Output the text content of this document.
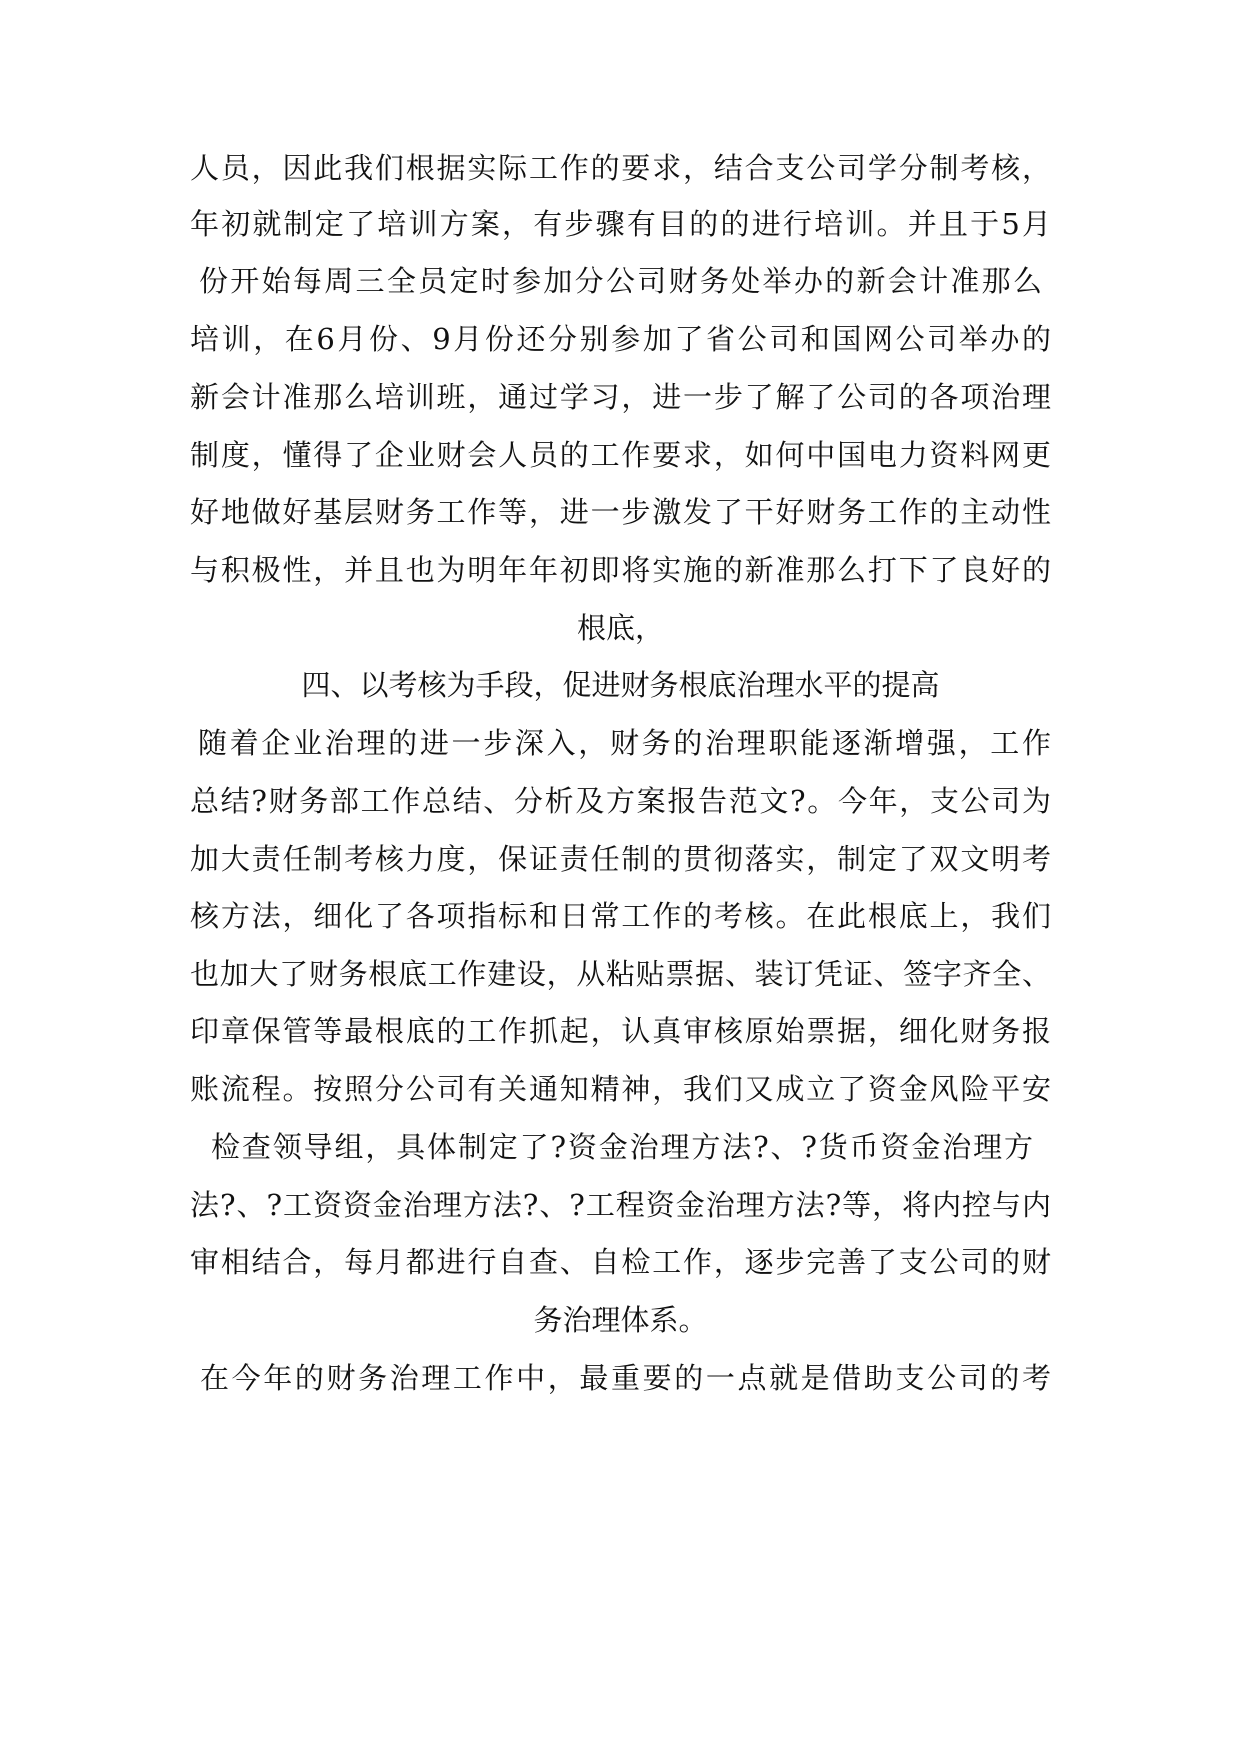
人员，因此我们根据实际工作的要求，结合支公司学分制考核，
年初就制定了培训方案，有步骤有目的的进行培训。并且于5月
份开始每周三全员定时参加分公司财务处举办的新会计准那么
培训，在6月份、9月份还分别参加了省公司和国网公司举办的
新会计准那么培训班，通过学习，进一步了解了公司的各项治理
制度，懂得了企业财会人员的工作要求，如何中国电力资料网更
好地做好基层财务工作等，进一步激发了干好财务工作的主动性
与积极性，并且也为明年年初即将实施的新准那么打下了良好的
根底，
四、以考核为手段，促进财务根底治理水平的提高
随着企业治理的进一步深入，财务的治理职能逐渐增强，工作
总结?财务部工作总结、分析及方案报告范文?。今年，支公司为
加大责任制考核力度，保证责任制的贯彻落实，制定了双文明考
核方法，细化了各项指标和日常工作的考核。在此根底上，我们
也加大了财务根底工作建设，从粘贴票据、装订凭证、签字齐全、
印章保管等最根底的工作抓起，认真审核原始票据，细化财务报
账流程。按照分公司有关通知精神，我们又成立了资金风险平安
检查领导组，具体制定了?资金治理方法?、?货币资金治理方
法?、?工资资金治理方法?、?工程资金治理方法?等，将内控与内
审相结合，每月都进行自查、自检工作，逐步完善了支公司的财
务治理体系。
在今年的财务治理工作中，最重要的一点就是借助支公司的考
